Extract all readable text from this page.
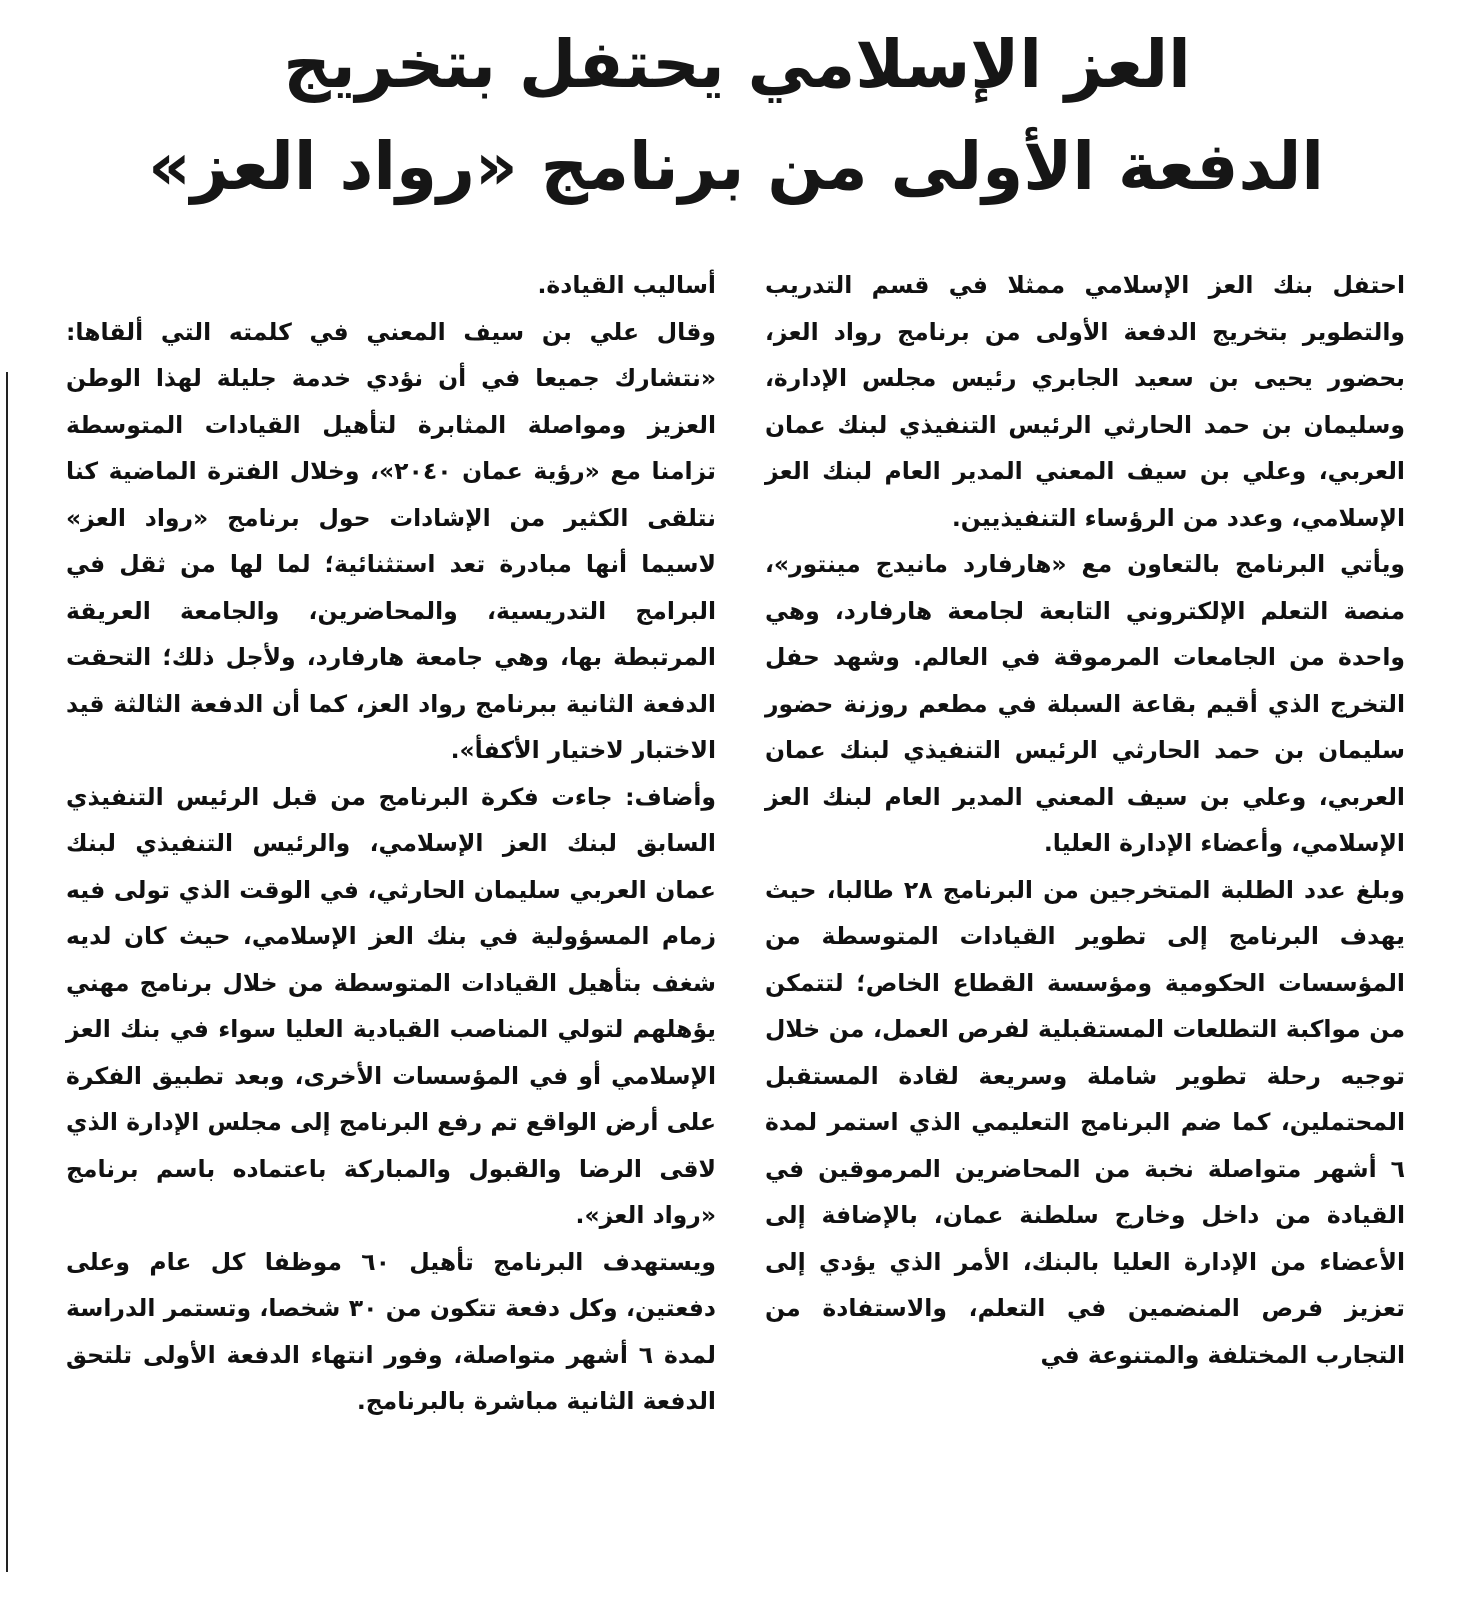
العز الإسلامي يحتفل بتخريج
الدفعة الأولى من برنامج «رواد العز»

احتفل بنك العز الإسلامي ممثلا في قسم التدريب والتطوير بتخريج الدفعة الأولى من برنامج رواد العز، بحضور يحيى بن سعيد الجابري رئيس مجلس الإدارة، وسليمان بن حمد الحارثي الرئيس التنفيذي لبنك عمان العربي، وعلي بن سيف المعني المدير العام لبنك العز الإسلامي، وعدد من الرؤساء التنفيذيين.

ويأتي البرنامج بالتعاون مع «هارفارد مانيدج مينتور»، منصة التعلم الإلكتروني التابعة لجامعة هارفارد، وهي واحدة من الجامعات المرموقة في العالم. وشهد حفل التخرج الذي أقيم بقاعة السبلة في مطعم روزنة حضور سليمان بن حمد الحارثي الرئيس التنفيذي لبنك عمان العربي، وعلي بن سيف المعني المدير العام لبنك العز الإسلامي، وأعضاء الإدارة العليا.

وبلغ عدد الطلبة المتخرجين من البرنامج ٢٨ طالبا، حيث يهدف البرنامج إلى تطوير القيادات المتوسطة من المؤسسات الحكومية ومؤسسة القطاع الخاص؛ لتتمكن من مواكبة التطلعات المستقبلية لفرص العمل، من خلال توجيه رحلة تطوير شاملة وسريعة لقادة المستقبل المحتملين، كما ضم البرنامج التعليمي الذي استمر لمدة ٦ أشهر متواصلة نخبة من المحاضرين المرموقين في القيادة من داخل وخارج سلطنة عمان، بالإضافة إلى الأعضاء من الإدارة العليا بالبنك، الأمر الذي يؤدي إلى تعزيز فرص المنضمين في التعلم، والاستفادة من التجارب المختلفة والمتنوعة في

أساليب القيادة.

وقال علي بن سيف المعني في كلمته التي ألقاها: «نتشارك جميعا في أن نؤدي خدمة جليلة لهذا الوطن العزيز ومواصلة المثابرة لتأهيل القيادات المتوسطة تزامنا مع «رؤية عمان ٢٠٤٠»، وخلال الفترة الماضية كنا نتلقى الكثير من الإشادات حول برنامج «رواد العز» لاسيما أنها مبادرة تعد استثنائية؛ لما لها من ثقل في البرامج التدريسية، والمحاضرين، والجامعة العريقة المرتبطة بها، وهي جامعة هارفارد، ولأجل ذلك؛ التحقت الدفعة الثانية ببرنامج رواد العز، كما أن الدفعة الثالثة قيد الاختبار لاختيار الأكفأ».

وأضاف: جاءت فكرة البرنامج من قبل الرئيس التنفيذي السابق لبنك العز الإسلامي، والرئيس التنفيذي لبنك عمان العربي سليمان الحارثي، في الوقت الذي تولى فيه زمام المسؤولية في بنك العز الإسلامي، حيث كان لديه شغف بتأهيل القيادات المتوسطة من خلال برنامج مهني يؤهلهم لتولي المناصب القيادية العليا سواء في بنك العز الإسلامي أو في المؤسسات الأخرى، وبعد تطبيق الفكرة على أرض الواقع تم رفع البرنامج إلى مجلس الإدارة الذي لاقى الرضا والقبول والمباركة باعتماده باسم برنامج «رواد العز».

ويستهدف البرنامج تأهيل ٦٠ موظفا كل عام وعلى دفعتين، وكل دفعة تتكون من ٣٠ شخصا، وتستمر الدراسة لمدة ٦ أشهر متواصلة، وفور انتهاء الدفعة الأولى تلتحق الدفعة الثانية مباشرة بالبرنامج.
